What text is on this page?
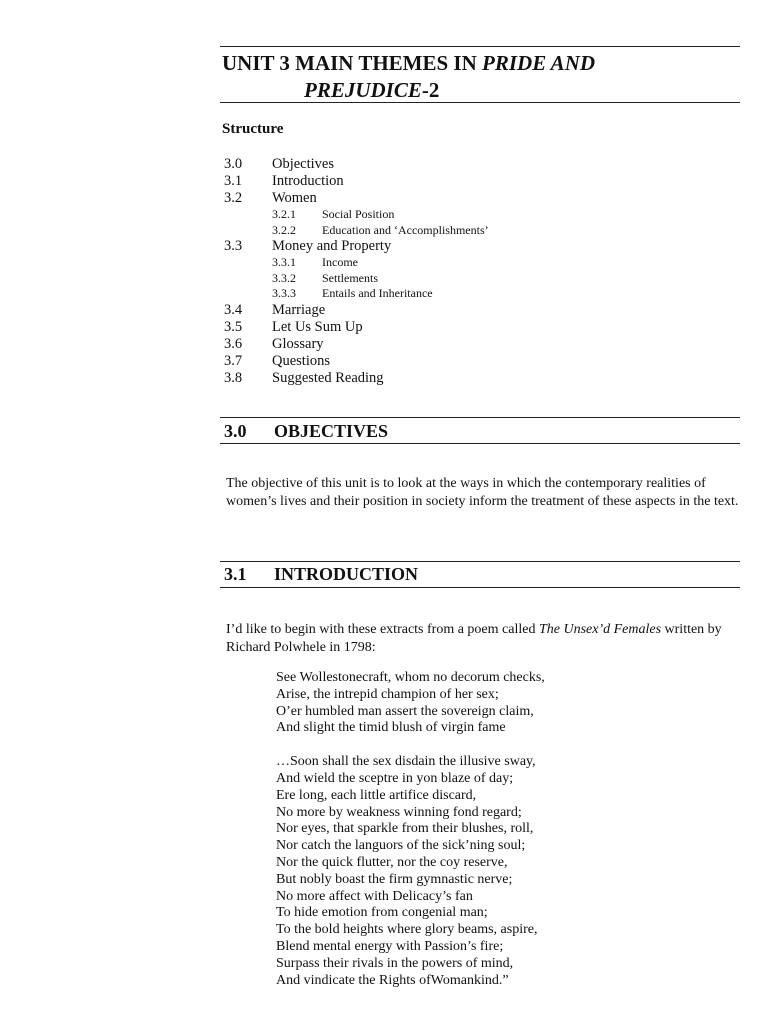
UNIT 3 MAIN THEMES IN PRIDE AND
PREJUDICE-2
Structure
3.0 Objectives
3.1 Introduction
3.2 Women
3.2.1 Social Position
3.2.2 Education and ‘Accomplishments’
3.3 Money and Property
3.3.1 Income
3.3.2 Settlements
3.3.3 Entails and Inheritance
3.4 Marriage
3.5 Let Us Sum Up
3.6 Glossary
3.7 Questions
3.8 Suggested Reading
3.0 OBJECTIVES

The objective of this unit is to look at the ways in which the contemporary realities of women’s lives and their position in society inform the treatment of these aspects in the text.

3.1 INTRODUCTION

I’d like to begin with these extracts from a poem called The Unsex’d Females written by Richard Polwhele in 1798:

See Wollestonecraft, whom no decorum checks,
Arise, the intrepid champion of her sex;
O’er humbled man assert the sovereign claim,
And slight the timid blush of virgin fame
…Soon shall the sex disdain the illusive sway,
And wield the sceptre in yon blaze of day;
Ere long, each little artifice discard,
No more by weakness winning fond regard;
Nor eyes, that sparkle from their blushes, roll,
Nor catch the languors of the sick’ning soul;
Nor the quick flutter, nor the coy reserve,
But nobly boast the firm gymnastic nerve;
No more affect with Delicacy’s fan
To hide emotion from congenial man;
To the bold heights where glory beams, aspire,
Blend mental energy with Passion’s fire;
Surpass their rivals in the powers of mind,
And vindicate the Rights ofWomankind.”
